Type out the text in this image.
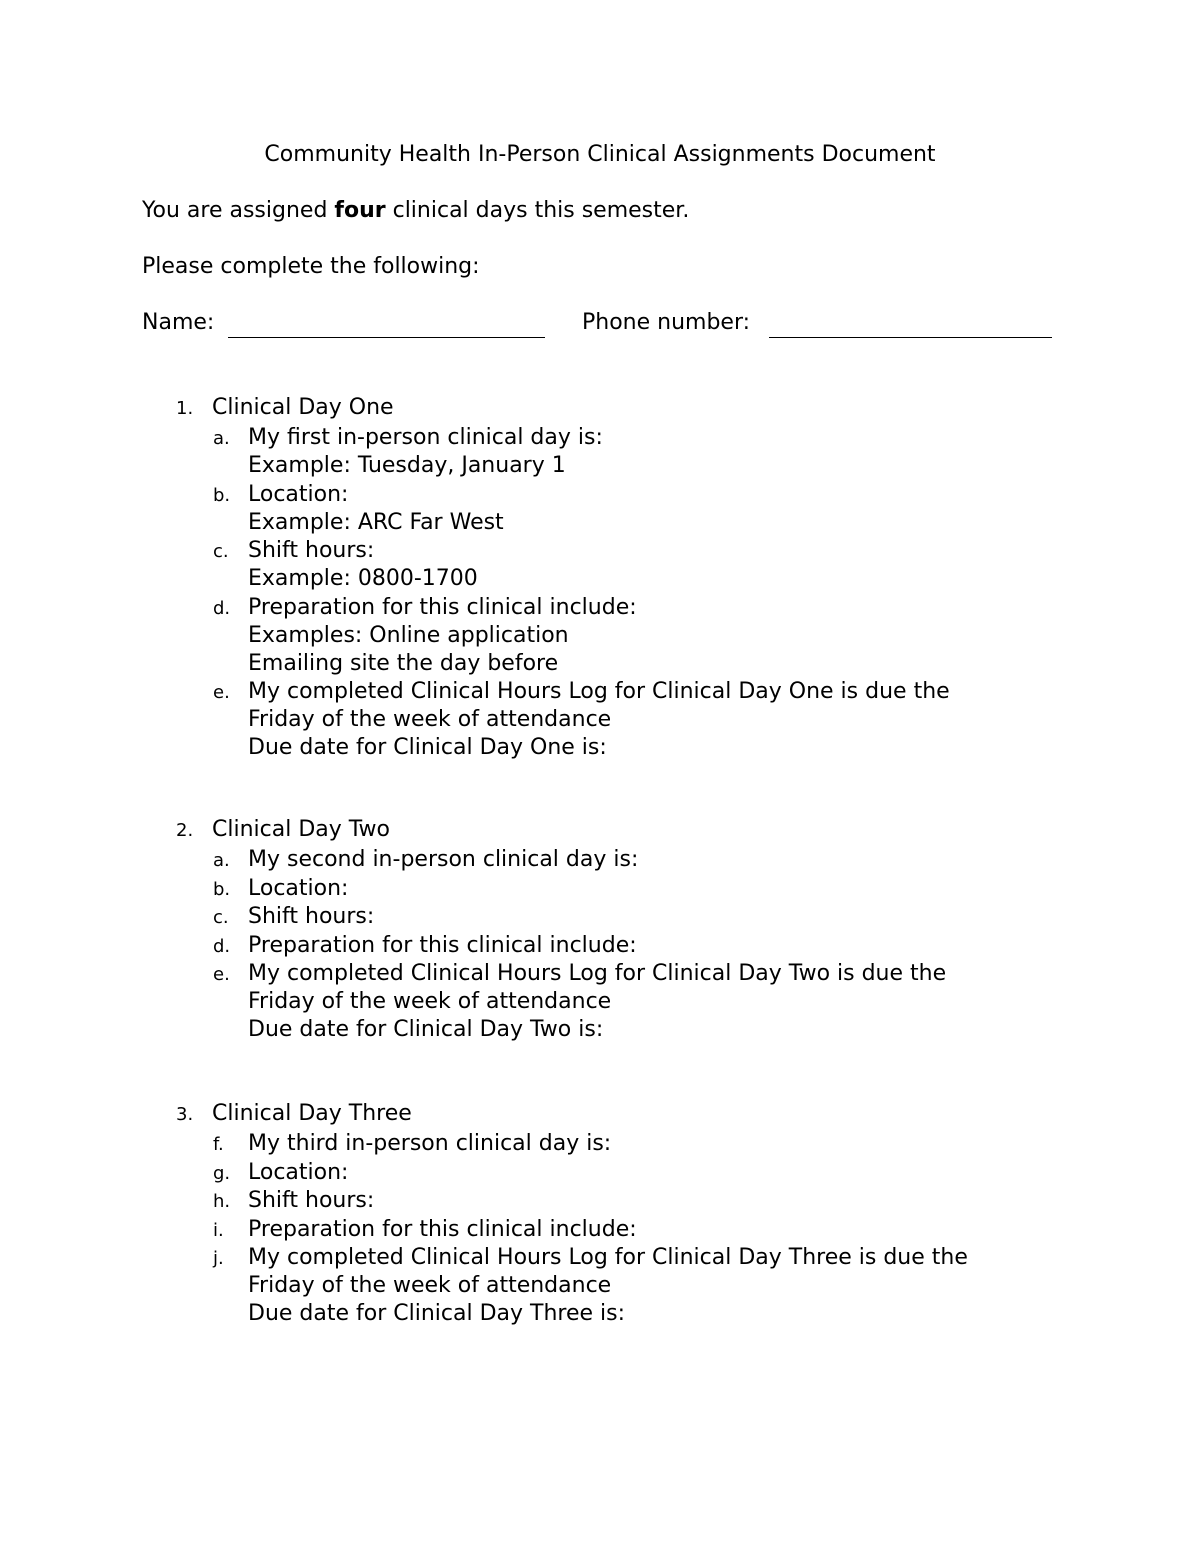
Community Health In-Person Clinical Assignments Document
You are assigned four clinical days this semester.
Please complete the following:
Name:	Phone number:
1. Clinical Day One
a. My first in-person clinical day is:
Example: Tuesday, January 1
b. Location:
Example: ARC Far West
c. Shift hours:
Example: 0800-1700
d. Preparation for this clinical include:
Examples: Online application
Emailing site the day before
e. My completed Clinical Hours Log for Clinical Day One is due the
Friday of the week of attendance
Due date for Clinical Day One is:
2. Clinical Day Two
a. My second in-person clinical day is:
b. Location:
c. Shift hours:
d. Preparation for this clinical include:
e. My completed Clinical Hours Log for Clinical Day Two is due the
Friday of the week of attendance
Due date for Clinical Day Two is:
3. Clinical Day Three
f. My third in-person clinical day is:
g. Location:
h. Shift hours:
i. Preparation for this clinical include:
j. My completed Clinical Hours Log for Clinical Day Three is due the
Friday of the week of attendance
Due date for Clinical Day Three is:
